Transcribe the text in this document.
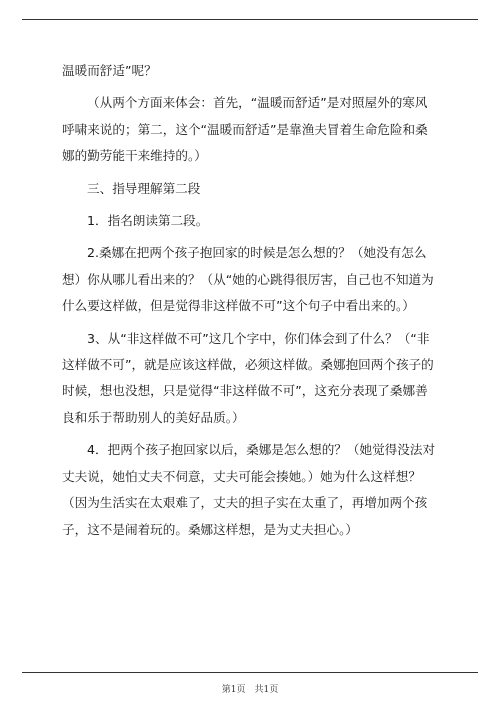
温暖而舒适”呢？

（从两个方面来体会：首先，“温暖而舒适”是对照屋外的寒风呼啸来说的；第二，这个“温暖而舒适”是靠渔夫冒着生命危险和桑娜的勤劳能干来维持的。）

三、指导理解第二段

1．指名朗读第二段。

2.桑娜在把两个孩子抱回家的时候是怎么想的？（她没有怎么想）你从哪儿看出来的？（从“她的心跳得很厉害，自己也不知道为什么要这样做，但是觉得非这样做不可”这个句子中看出来的。）

3、从“非这样做不可”这几个字中，你们体会到了什么？（“非这样做不可”，就是应该这样做，必须这样做。桑娜抱回两个孩子的时候，想也没想，只是觉得“非这样做不可”，这充分表现了桑娜善良和乐于帮助别人的美好品质。）

4．把两个孩子抱回家以后，桑娜是怎么想的？（她觉得没法对丈夫说，她怕丈夫不伺意，丈夫可能会揍她。）她为什么这样想？（因为生活实在太艰难了，丈夫的担子实在太重了，再增加两个孩子，这不是闹着玩的。桑娜这样想，是为丈夫担心。）

第1页　共1页
